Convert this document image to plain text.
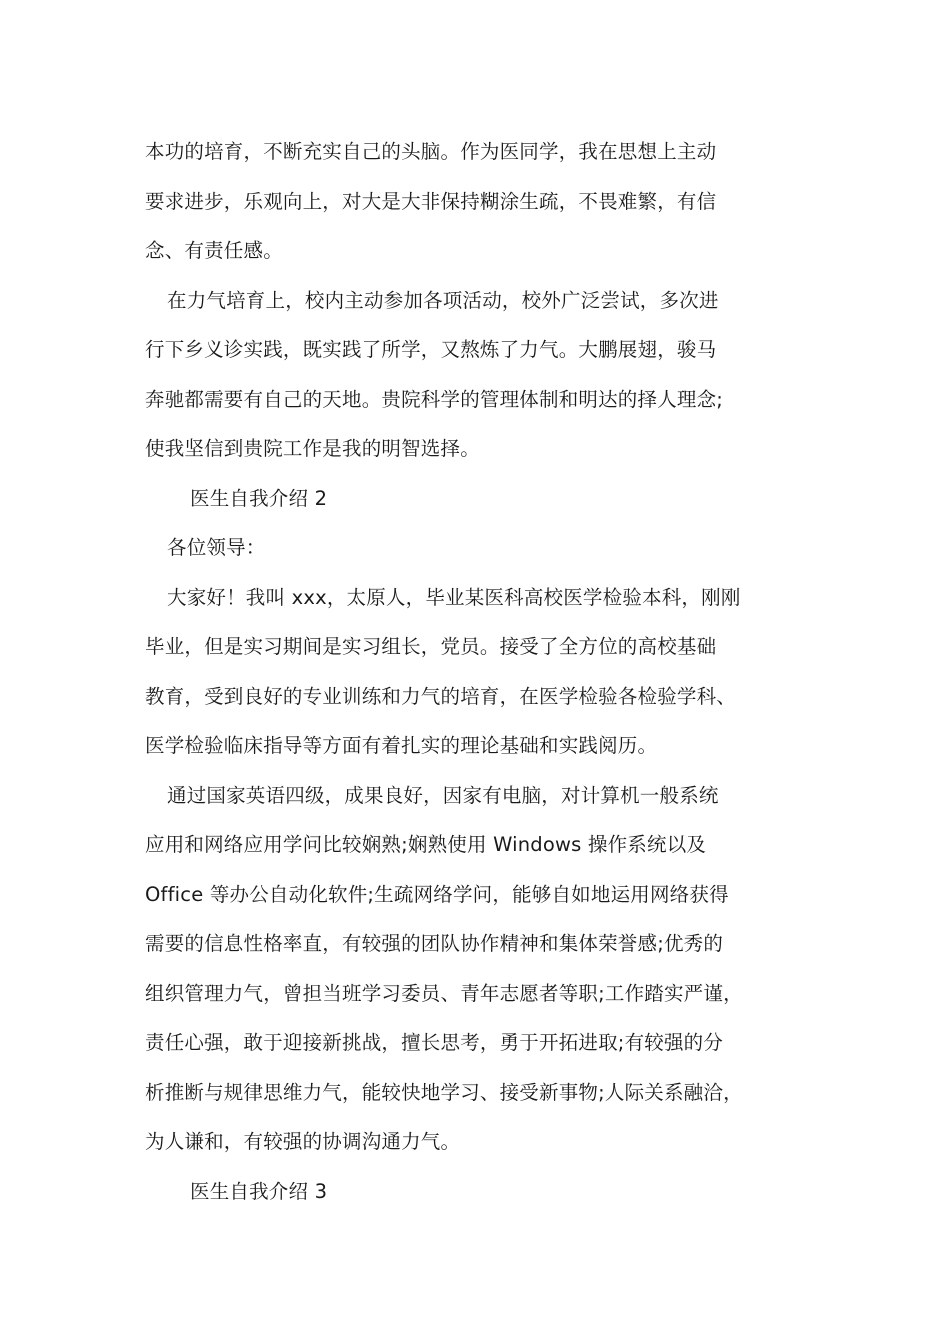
本功的培育，不断充实自己的头脑。作为医同学，我在思想上主动
要求进步，乐观向上，对大是大非保持糊涂生疏，不畏难繁，有信
念、有责任感。
在力气培育上，校内主动参加各项活动，校外广泛尝试，多次进
行下乡义诊实践，既实践了所学，又熬炼了力气。大鹏展翅，骏马
奔驰都需要有自己的天地。贵院科学的管理体制和明达的择人理念;
使我坚信到贵院工作是我的明智选择。
医生自我介绍 2
各位领导：
大家好！我叫 xxx，太原人，毕业某医科高校医学检验本科，刚刚
毕业，但是实习期间是实习组长，党员。接受了全方位的高校基础
教育，受到良好的专业训练和力气的培育，在医学检验各检验学科、
医学检验临床指导等方面有着扎实的理论基础和实践阅历。
通过国家英语四级，成果良好，因家有电脑，对计算机一般系统
应用和网络应用学问比较娴熟;娴熟使用 Windows 操作系统以及
Office 等办公自动化软件;生疏网络学问，能够自如地运用网络获得
需要的信息性格率直，有较强的团队协作精神和集体荣誉感;优秀的
组织管理力气，曾担当班学习委员、青年志愿者等职;工作踏实严谨，
责任心强，敢于迎接新挑战，擅长思考，勇于开拓进取;有较强的分
析推断与规律思维力气，能较快地学习、接受新事物;人际关系融洽，
为人谦和，有较强的协调沟通力气。
医生自我介绍 3
